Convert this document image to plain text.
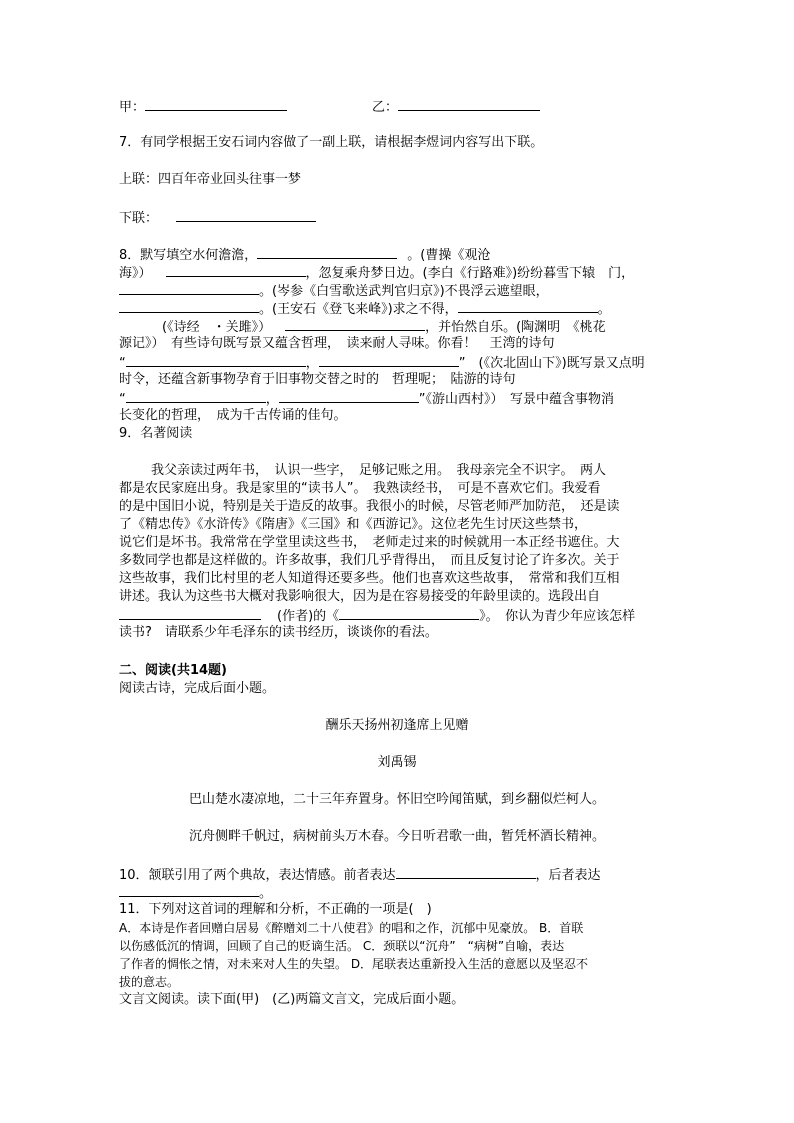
甲：	乙：
7．有同学根据王安石词内容做了一副上联，请根据李煜词内容写出下联。
上联：四百年帝业回头往事一梦
下联：
8．默写填空水何澹澹，	。(曹操《观沧
海》）	，忽复乘舟梦日边。(李白《行路难》)纷纷暮雪下辕　门，
。(岑参《白雪歌送武判官归京》)不畏浮云遮望眼，
。(王安石《登飞来峰》)求之不得，	。
(《诗经　・关雎》）	，并怡然自乐。(陶渊明　《桃花
源记》）　有些诗句既写景又蕴含哲理，　读来耐人寻味。你看！　王湾的诗句
“	，	”　(《次北固山下》)既写景又点明
时令，还蕴含新事物孕育于旧事物交替之时的　哲理呢；　陆游的诗句
“	，	”《游山西村》）　写景中蕴含事物消
长变化的哲理，　成为千古传诵的佳句。
9．名著阅读
我父亲读过两年书，　认识一些字，　足够记账之用。　我母亲完全不识字。　两人
都是农民家庭出身。我是家里的“读书人”。　我熟读经书，　可是不喜欢它们。我爱看
的是中国旧小说，特别是关于造反的故事。我很小的时候，尽管老师严加防范，　还是读
了《精忠传》《水浒传》《隋唐》《三国》和《西游记》。这位老先生讨厌这些禁书，
说它们是坏书。我常常在学堂里读这些书，　老师走过来的时候就用一本正经书遮住。大
多数同学也都是这样做的。许多故事，我们几乎背得出，　而且反复讨论了许多次。关于
这些故事，我们比村里的老人知道得还要多些。他们也喜欢这些故事，　常常和我们互相
讲述。我认为这些书大概对我影响很大，因为是在容易接受的年龄里读的。选段出自
(作者)的《	》。　你认为青少年应该怎样
读书?　请联系少年毛泽东的读书经历，谈谈你的看法。
二、阅读(共14题)
阅读古诗，完成后面小题。
酬乐天扬州初逢席上见赠
刘禹锡
巴山楚水凄凉地，二十三年弃置身。怀旧空吟闻笛赋，到乡翻似烂柯人。
沉舟侧畔千帆过，病树前头万木春。今日听君歌一曲，暂凭杯酒长精神。
10．颔联引用了两个典故，表达情感。前者表达	，后者表达
。
11．下列对这首词的理解和分析，不正确的一项是(　)
A．本诗是作者回赠白居易《醉赠刘二十八使君》的唱和之作，沉郁中见豪放。 B．首联
以伤感低沉的情调，回顾了自己的贬谪生活。 C．颈联以“沉舟”　“病树”自喻，表达
了作者的惆怅之情，对未来对人生的失望。 D．尾联表达重新投入生活的意愿以及坚忍不
拔的意志。
文言文阅读。读下面(甲)　(乙)两篇文言文，完成后面小题。
